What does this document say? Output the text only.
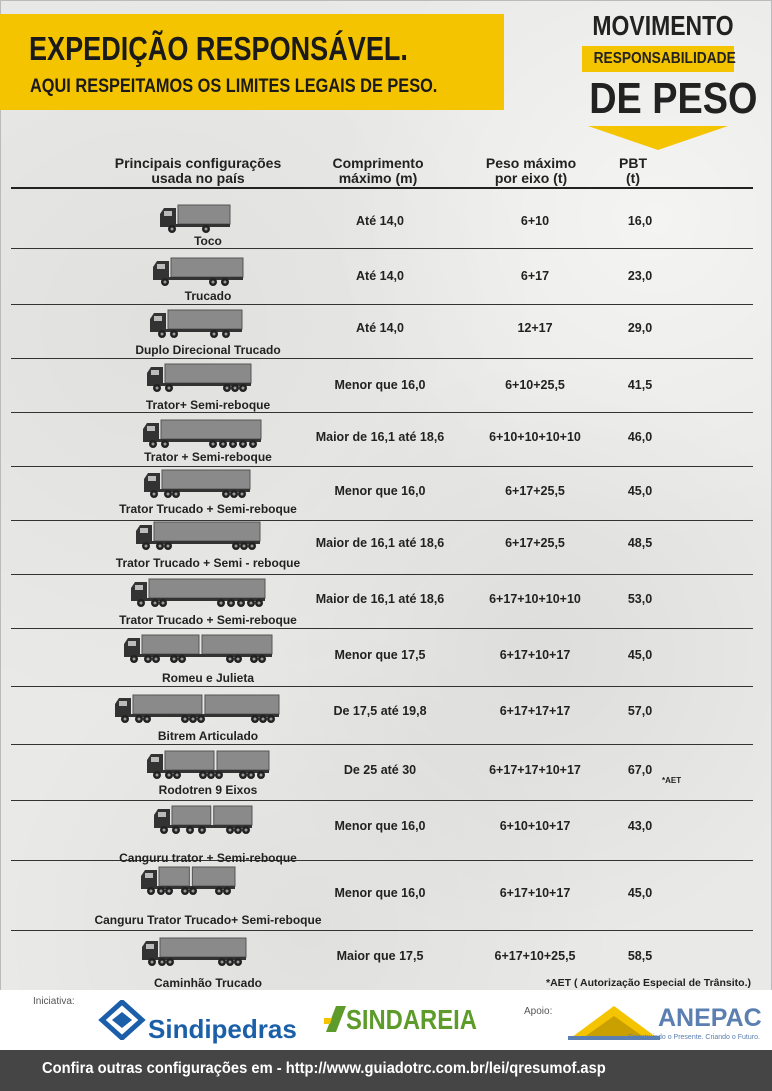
EXPEDIÇÃO RESPONSÁVEL.
AQUI RESPEITAMOS OS LIMITES LEGAIS DE PESO.
MOVIMENTO
RESPONSABILIDADE
DE PESO
Principais configurações
usada no país
Comprimento
máximo (m)
Peso máximo
por eixo (t)
PBT
(t)
Toco
Até 14,0	6+10	16,0
Trucado
Até 14,0	6+17	23,0
Duplo Direcional Trucado
Até 14,0	12+17	29,0
Trator+ Semi-reboque
Menor que 16,0	6+10+25,5	41,5
Trator + Semi-reboque
Maior de 16,1 até 18,6	6+10+10+10+10	46,0
Trator Trucado + Semi-reboque
Menor que 16,0	6+17+25,5	45,0
Trator Trucado + Semi - reboque
Maior de 16,1 até 18,6	6+17+25,5	48,5
Trator Trucado + Semi-reboque
Maior de 16,1 até 18,6	6+17+10+10+10	53,0
Romeu e Julieta
Menor que 17,5	6+17+10+17	45,0
Bitrem Articulado
De 17,5 até 19,8	6+17+17+17	57,0
Rodotren 9 Eixos
De 25 até 30	6+17+17+10+17	67,0
*AET
Canguru trator + Semi-reboque
Menor que 16,0	6+10+10+17	43,0
Canguru Trator Trucado+ Semi-reboque
Menor que 16,0	6+17+10+17	45,0
Caminhão Trucado
Maior que 17,5	6+17+10+25,5	58,5
*AET ( Autorização Especial de Trânsito.)
Iniciativa:
Sindipedras SINDAREIA	Apoio:	ANEPAC
Construindo o Presente. Criando o Futuro.
Confira outras configurações em - http://www.guiadotrc.com.br/lei/qresumof.asp
